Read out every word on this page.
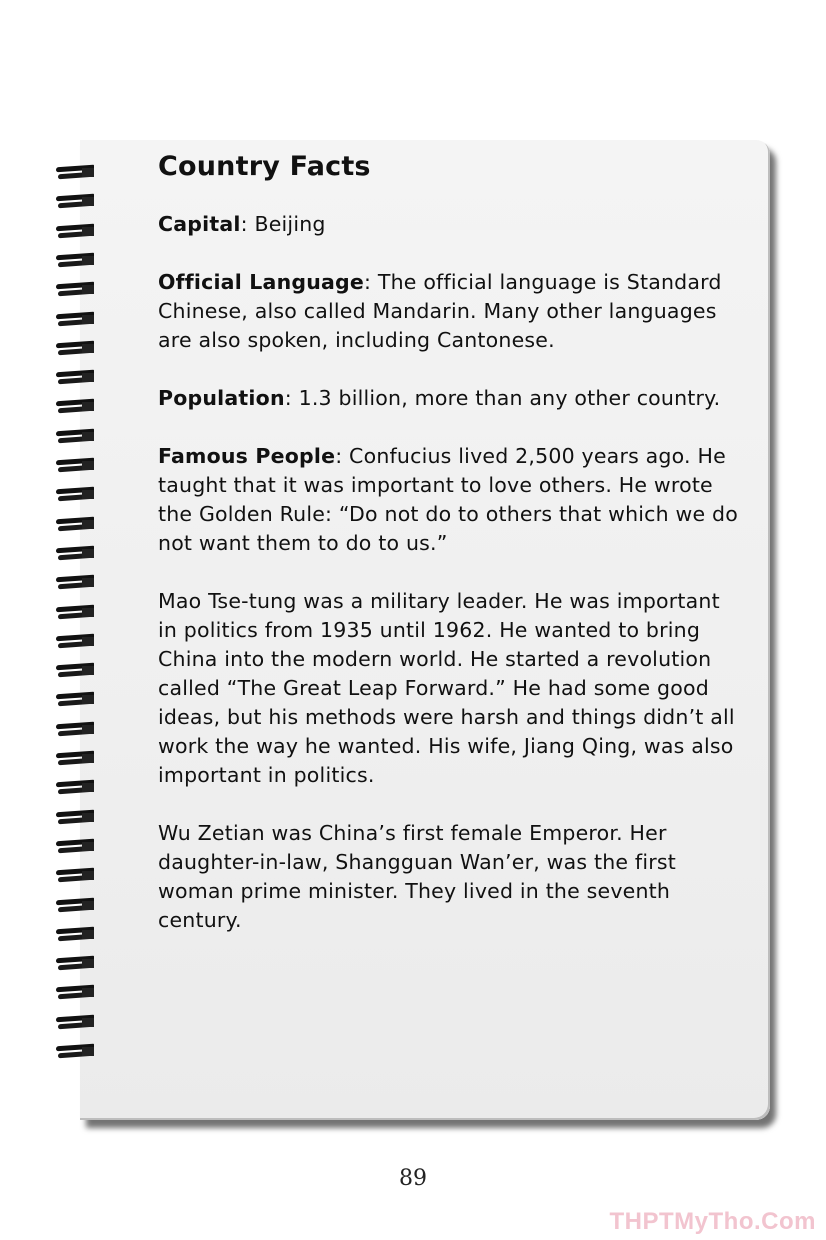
Country Facts

Capital: Beijing

Official Language: The official language is Standard Chinese, also called Mandarin. Many other languages are also spoken, including Cantonese.

Population: 1.3 billion, more than any other country.

Famous People: Confucius lived 2,500 years ago. He taught that it was important to love others. He wrote the Golden Rule: “Do not do to others that which we do not want them to do to us.”

Mao Tse-tung was a military leader. He was important in politics from 1935 until 1962. He wanted to bring China into the modern world. He started a revolution called “The Great Leap Forward.” He had some good ideas, but his methods were harsh and things didn’t all work the way he wanted. His wife, Jiang Qing, was also important in politics.

Wu Zetian was China’s first female Emperor. Her daughter-in-law, Shangguan Wan’er, was the first woman prime minister. They lived in the seventh century.

89
THPTMyTho.Com
